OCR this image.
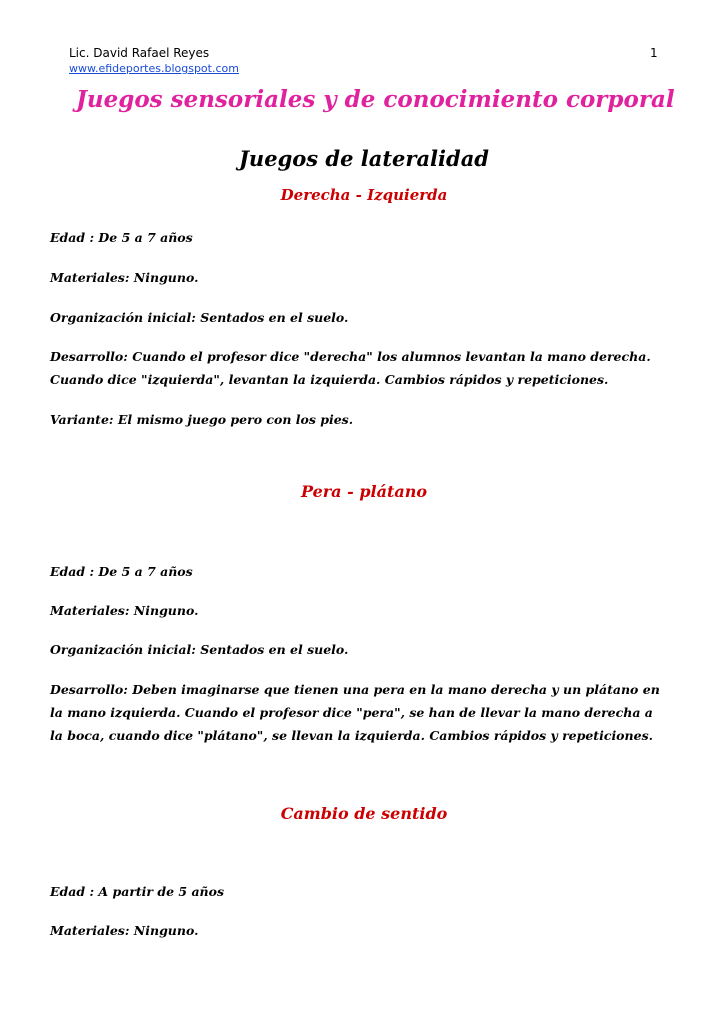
Lic. David Rafael Reyes	1
www.efideportes.blogspot.com
Juegos sensoriales y de conocimiento corporal
Juegos de lateralidad
Derecha - Izquierda
Edad : De 5 a 7 años
Materiales: Ninguno.
Organización inicial: Sentados en el suelo.
Desarrollo: Cuando el profesor dice "derecha" los alumnos levantan la mano derecha.
Cuando dice "izquierda", levantan la izquierda. Cambios rápidos y repeticiones.
Variante: El mismo juego pero con los pies.
Pera - plátano
Edad : De 5 a 7 años
Materiales: Ninguno.
Organización inicial: Sentados en el suelo.
Desarrollo: Deben imaginarse que tienen una pera en la mano derecha y un plátano en
la mano izquierda. Cuando el profesor dice "pera", se han de llevar la mano derecha a
la boca, cuando dice "plátano", se llevan la izquierda. Cambios rápidos y repeticiones.
Cambio de sentido
Edad : A partir de 5 años
Materiales: Ninguno.
